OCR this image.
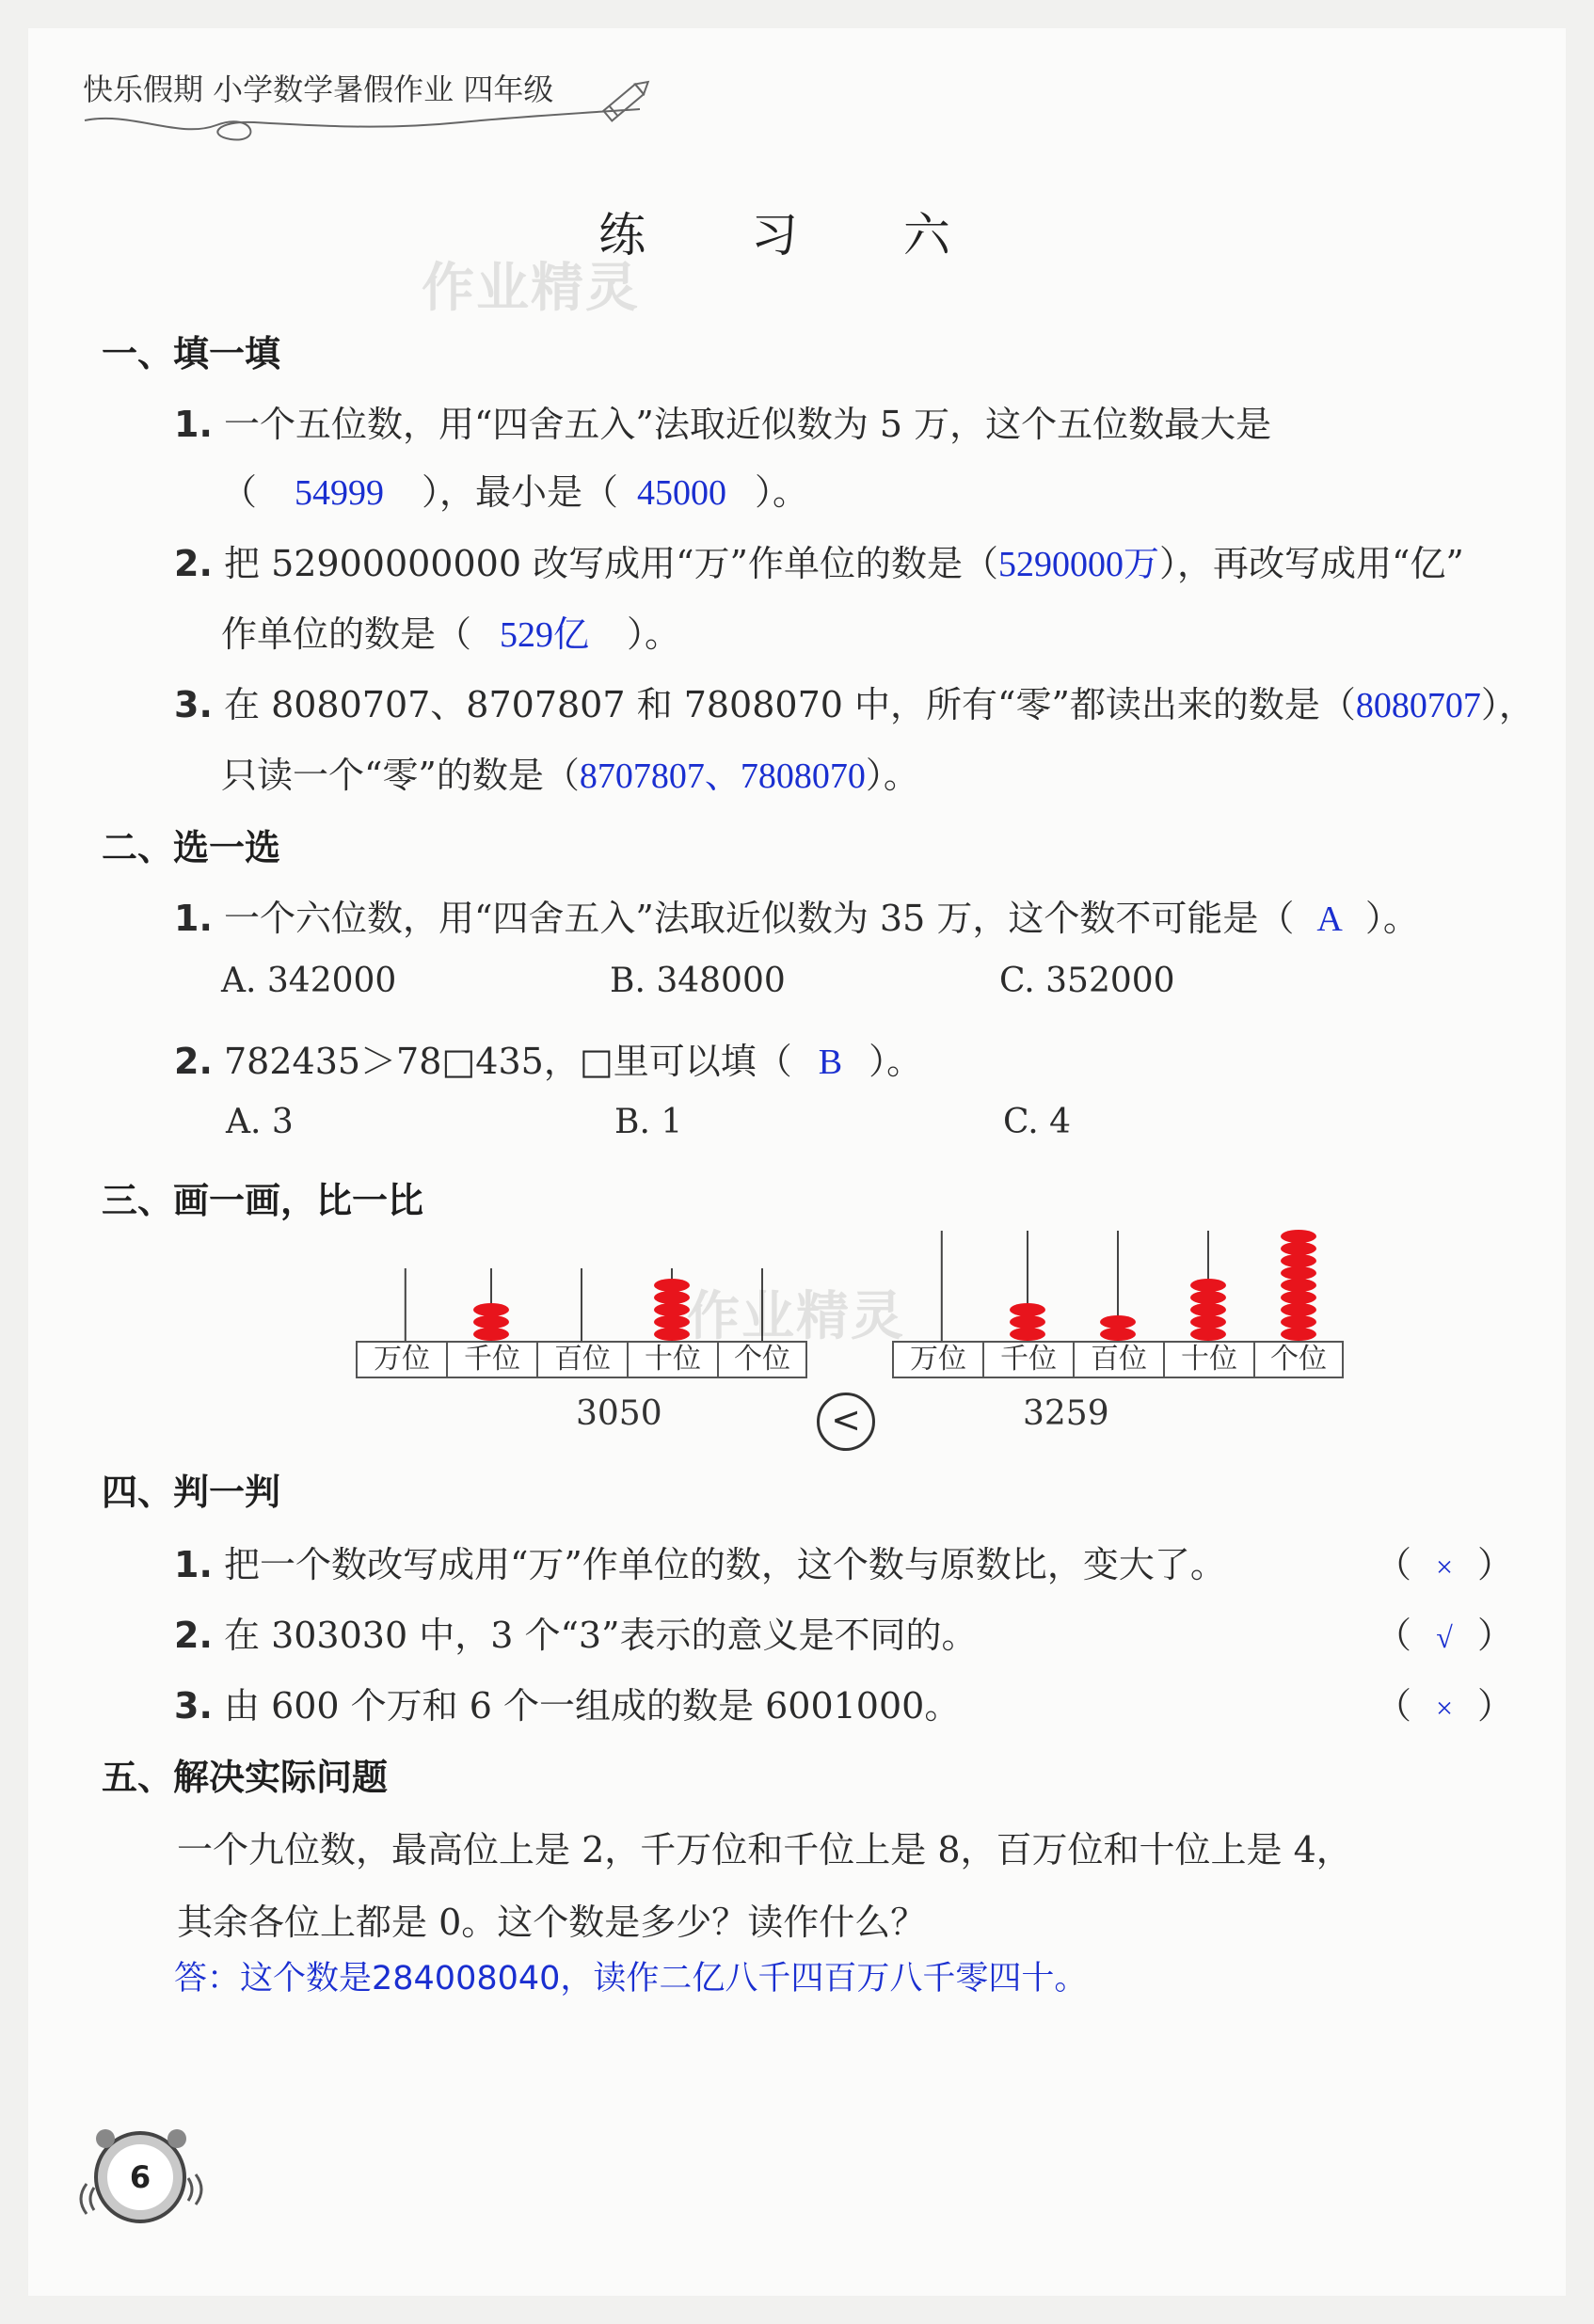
快乐假期 小学数学暑假作业 四年级
练 习 六
作业精灵
一、填一填
1. 一个五位数，用“四舍五入”法取近似数为 5 万，这个五位数最大是
（ 54999 ），最小是（ 45000 ）。
2. 把 52900000000 改写成用“万”作单位的数是（5290000万），再改写成用“亿”
作单位的数是（ 529亿 ）。
3. 在 8080707、8707807 和 7808070 中，所有“零”都读出来的数是（8080707），
只读一个“零”的数是（8707807、7808070）。
二、选一选
1. 一个六位数，用“四舍五入”法取近似数为 35 万，这个数不可能是（ A ）。
A. 342000	B. 348000	C. 352000
2. 782435＞78□435，□里可以填（ B ）。
A. 3	B. 1	C. 4
三、画一画，比一比
万位	千位	百位	十位	个位	万位	千位	百位	十位	个位
3050	<	3259
作业精灵
四、判一判
1. 把一个数改写成用“万”作单位的数，这个数与原数比，变大了。	（ × ）
2. 在 303030 中，3 个“3”表示的意义是不同的。	（ √ ）
3. 由 600 个万和 6 个一组成的数是 6001000。	（ × ）
五、解决实际问题
一个九位数，最高位上是 2，千万位和千位上是 8，百万位和十位上是 4，
其余各位上都是 0。这个数是多少？读作什么？
答：这个数是284008040，读作二亿八千四百万八千零四十。
6
